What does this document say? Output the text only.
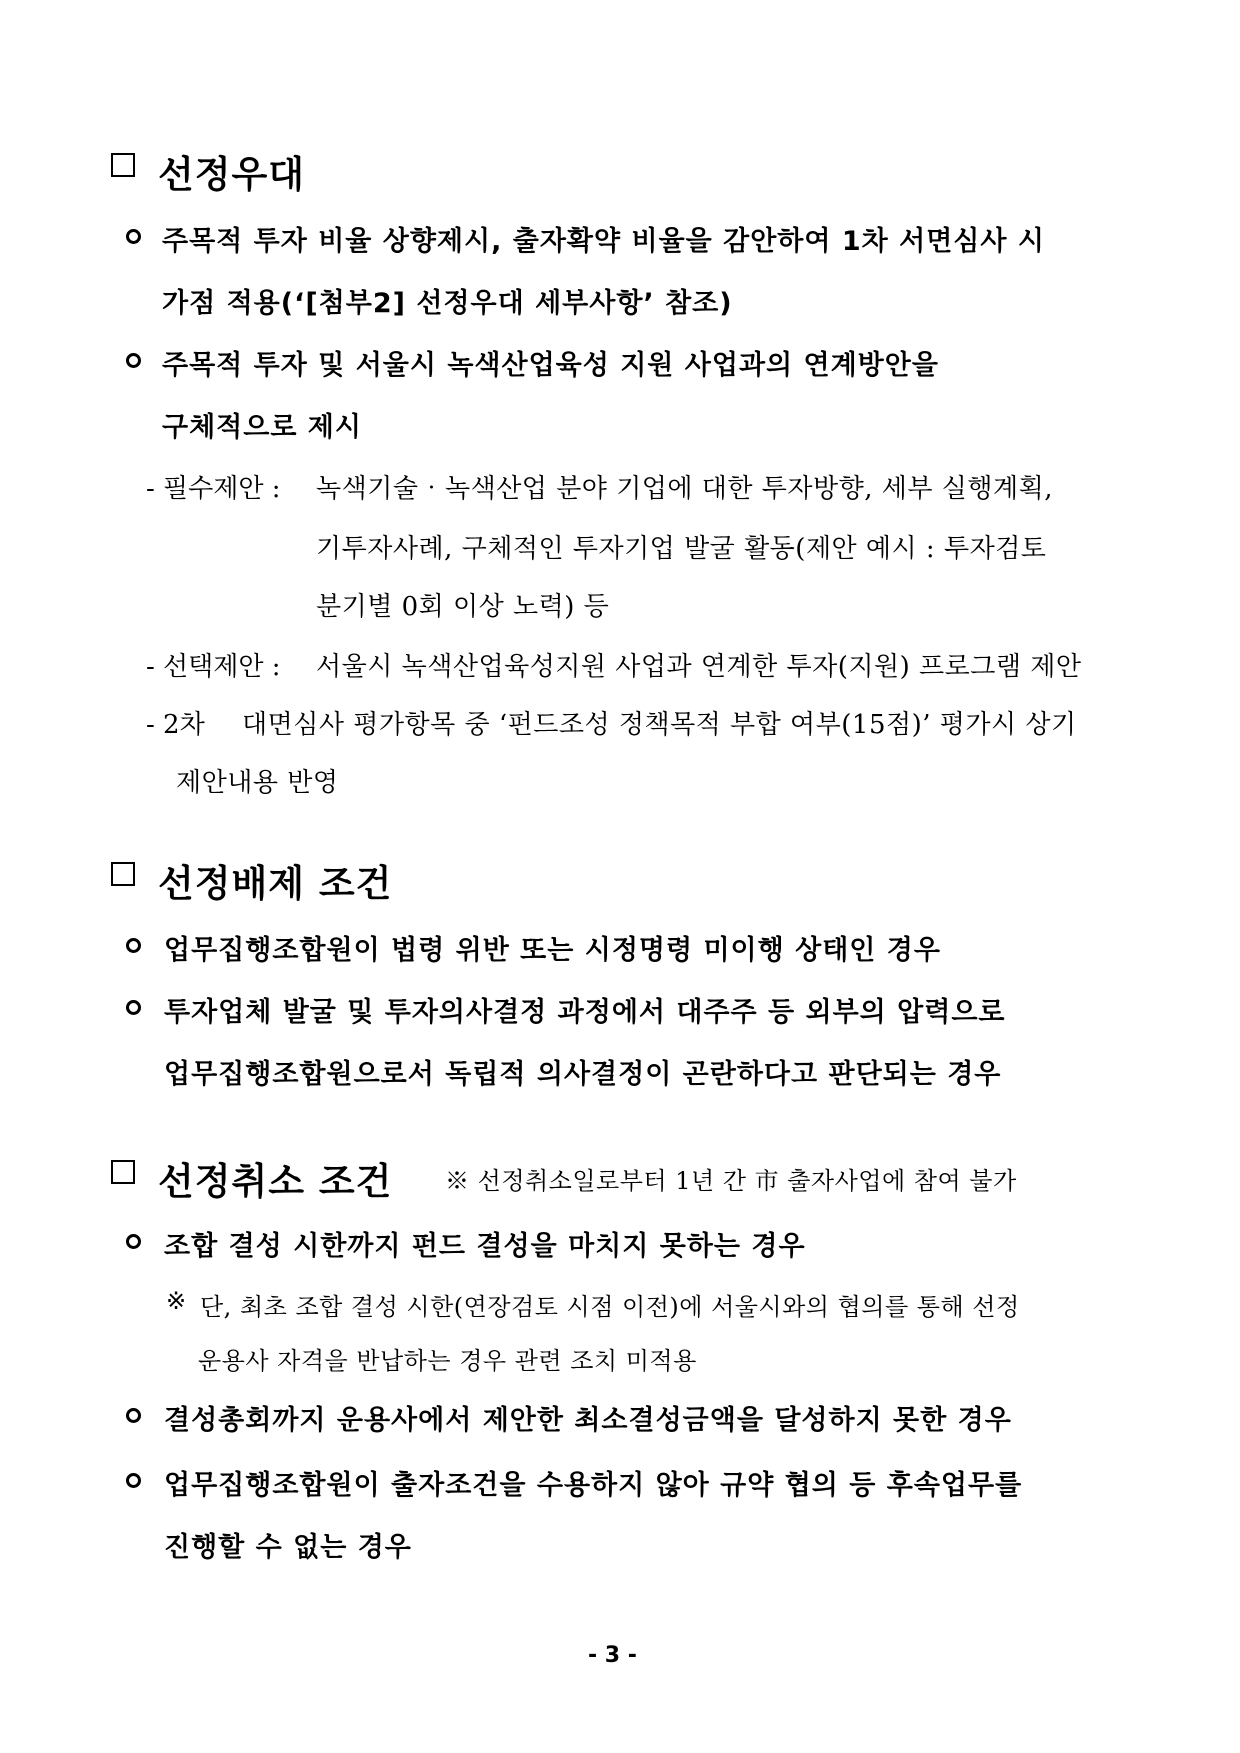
선정우대
주목적 투자 비율 상향제시, 출자확약 비율을 감안하여 1차 서면심사 시
가점 적용(‘[첨부2] 선정우대 세부사항’ 참조)
주목적 투자 및 서울시 녹색산업육성 지원 사업과의 연계방안을
구체적으로 제시
- 필수제안 : 녹색기술‧녹색산업 분야 기업에 대한 투자방향, 세부 실행계획,
기투자사례, 구체적인 투자기업 발굴 활동(제안 예시 : 투자검토
분기별 0회 이상 노력) 등
- 선택제안 : 서울시 녹색산업육성지원 사업과 연계한 투자(지원) 프로그램 제안
- 2차 대면심사 평가항목 중 ‘펀드조성 정책목적 부합 여부(15점)’ 평가시 상기
제안내용 반영
선정배제 조건
업무집행조합원이 법령 위반 또는 시정명령 미이행 상태인 경우
투자업체 발굴 및 투자의사결정 과정에서 대주주 등 외부의 압력으로
업무집행조합원으로서 독립적 의사결정이 곤란하다고 판단되는 경우
선정취소 조건 ※ 선정취소일로부터 1년 간 市 출자사업에 참여 불가
조합 결성 시한까지 펀드 결성을 마치지 못하는 경우
※ 단, 최초 조합 결성 시한(연장검토 시점 이전)에 서울시와의 협의를 통해 선정
운용사 자격을 반납하는 경우 관련 조치 미적용
결성총회까지 운용사에서 제안한 최소결성금액을 달성하지 못한 경우
업무집행조합원이 출자조건을 수용하지 않아 규약 협의 등 후속업무를
진행할 수 없는 경우
- 3 -
